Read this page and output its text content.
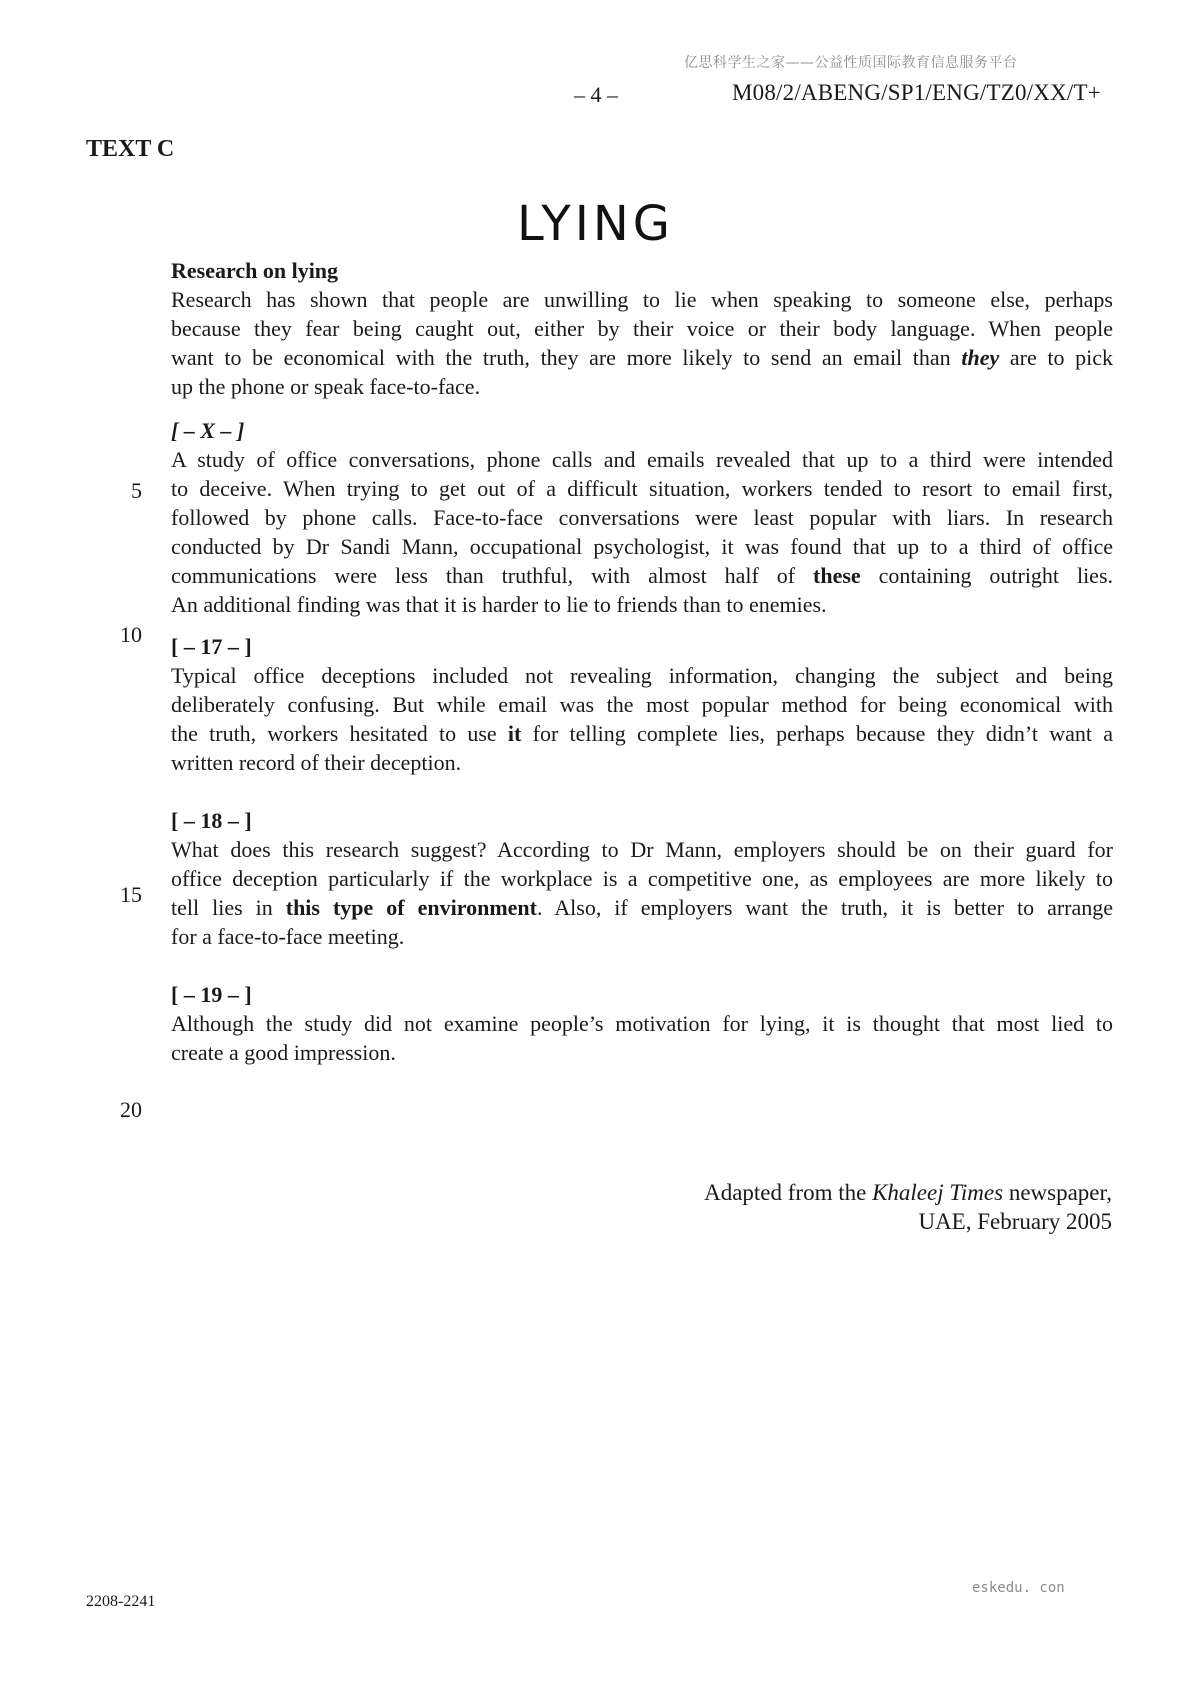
亿思科学生之家——公益性质国际教育信息服务平台
– 4 –	M08/2/ABENG/SP1/ENG/TZ0/XX/T+
TEXT C
LYING
Research on lying

Research has shown that people are unwilling to lie when speaking to someone else, perhaps
because they fear being caught out, either by their voice or their body language. When people
want to be economical with the truth, they are more likely to send an email than they are to pick
up the phone or speak face-to-face.

[ – X – ]

A study of office conversations, phone calls and emails revealed that up to a third were intended
to deceive. When trying to get out of a difficult situation, workers tended to resort to email first,
followed by phone calls. Face-to-face conversations were least popular with liars. In research
conducted by Dr Sandi Mann, occupational psychologist, it was found that up to a third of office
communications were less than truthful, with almost half of these containing outright lies.
An additional finding was that it is harder to lie to friends than to enemies.

[ – 17 – ]

Typical office deceptions included not revealing information, changing the subject and being
deliberately confusing. But while email was the most popular method for being economical with
the truth, workers hesitated to use it for telling complete lies, perhaps because they didn’t want a
written record of their deception.

[ – 18 – ]

What does this research suggest? According to Dr Mann, employers should be on their guard for
office deception particularly if the workplace is a competitive one, as employees are more likely to
tell lies in this type of environment. Also, if employers want the truth, it is better to arrange
for a face-to-face meeting.

[ – 19 – ]

Although the study did not examine people’s motivation for lying, it is thought that most lied to
create a good impression.

5
10
15
20
Adapted from the Khaleej Times newspaper,
UAE, February 2005
2208-2241
eskedu. con
